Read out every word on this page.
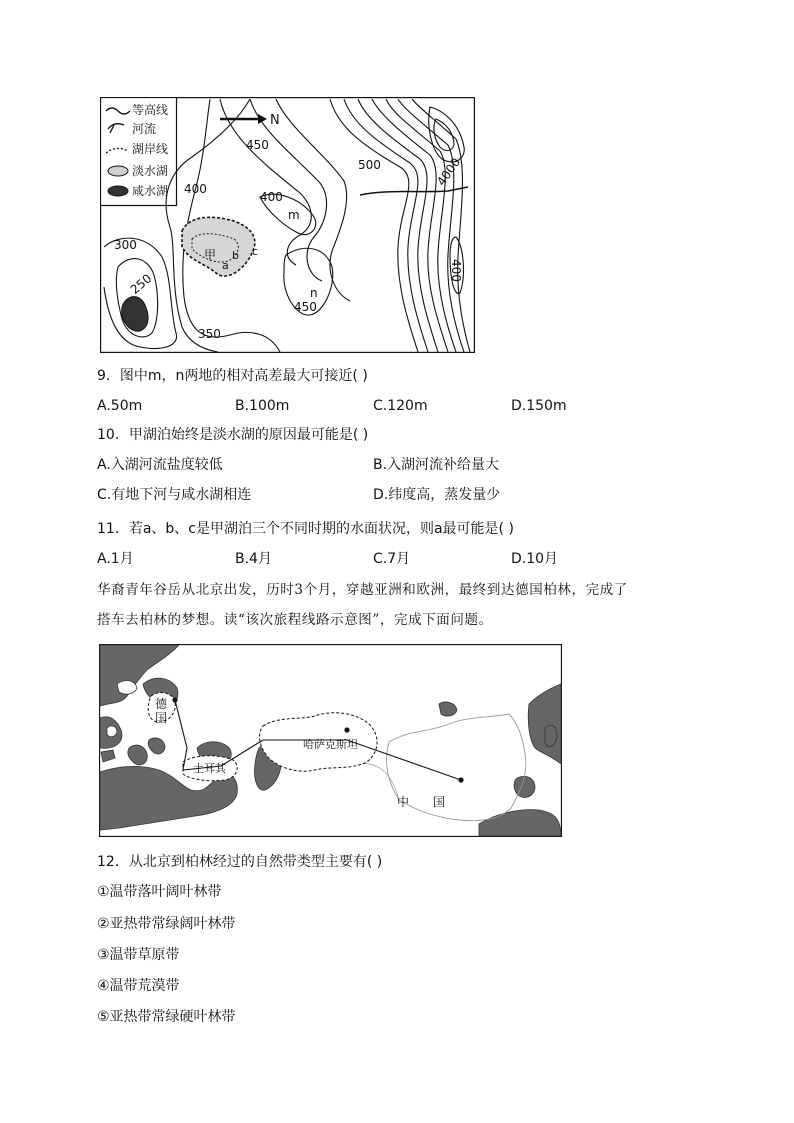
等高线
河流
湖岸线
淡水湖
咸水湖
N
450
500	4000
400
400
m
400
300
250
甲
a
b c
n
450
350
9．图中m，n两地的相对高差最大可接近( )
A.50m	B.100m	C.120m	D.150m
10．甲湖泊始终是淡水湖的原因最可能是( )
A.入湖河流盐度较低	B.入湖河流补给量大
C.有地下河与咸水湖相连	D.纬度高，蒸发量少
11．若a、b、c是甲湖泊三个不同时期的水面状况，则a最可能是( )
A.1月	B.4月	C.7月	D.10月
华裔青年谷岳从北京出发，历时3个月，穿越亚洲和欧洲，最终到达德国柏林，完成了
搭车去柏林的梦想。读“该次旅程线路示意图”，完成下面问题。
德
国
土耳其
哈萨克斯坦
中 国
12．从北京到柏林经过的自然带类型主要有( )
①温带落叶阔叶林带
②亚热带常绿阔叶林带
③温带草原带
④温带荒漠带
⑤亚热带常绿硬叶林带
